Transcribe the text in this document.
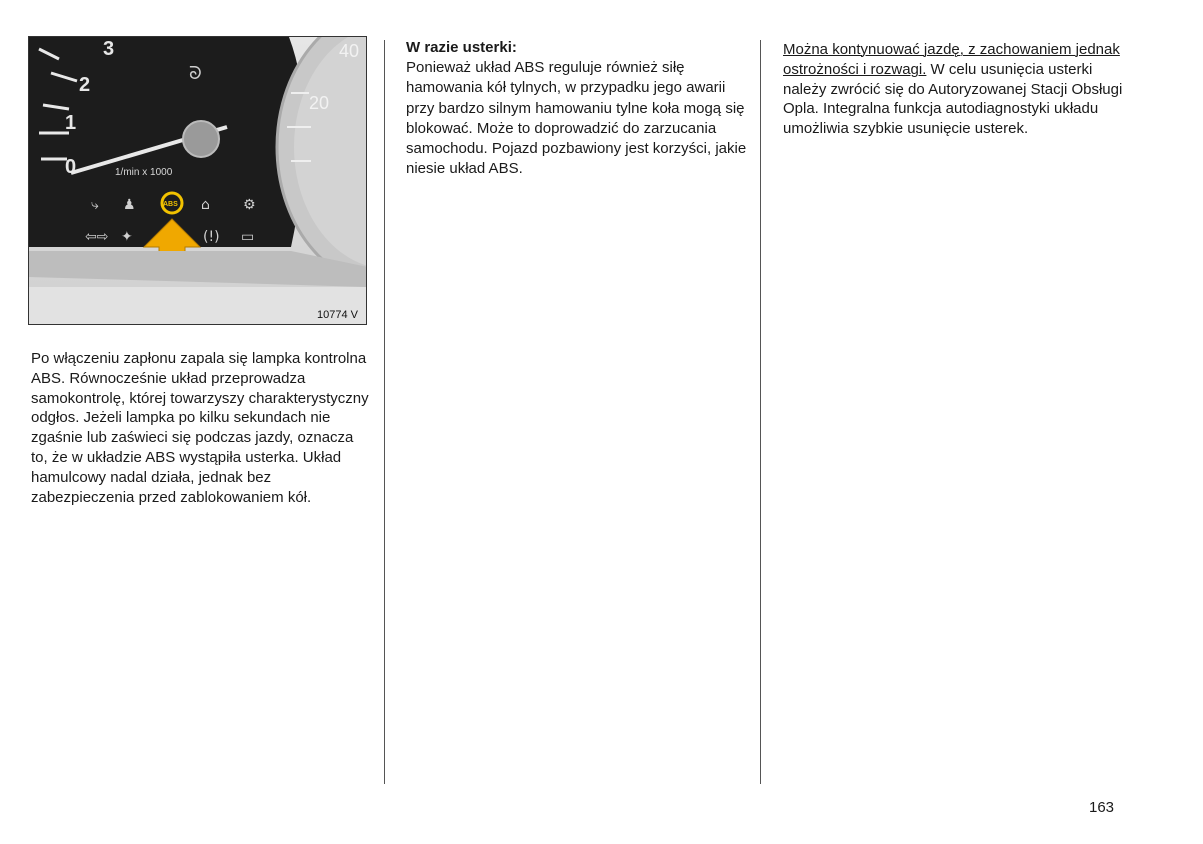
3
2
1
0
40
20
ᘐ
1/min x 1000
⤷ ♟	⌂ ⚙
⇦⇨ ✦	(!) ▭
ABS
10774 V

Po włączeniu zapłonu zapala się lampka kontrolna ABS. Równocześnie układ przeprowadza samokontrolę, której towarzyszy charakterystyczny odgłos. Jeżeli lampka po kilku sekundach nie zgaśnie lub zaświeci się podczas jazdy, oznacza to, że w układzie ABS wystąpiła usterka. Układ hamulcowy nadal działa, jednak bez zabezpieczenia przed zablokowaniem kół.

W razie usterki:
Ponieważ układ ABS reguluje również siłę hamowania kół tylnych, w przypadku jego awarii przy bardzo silnym hamowaniu tylne koła mogą się blokować. Może to doprowadzić do zarzucania samochodu. Pojazd pozbawiony jest korzyści, jakie niesie układ ABS.

Można kontynuować jazdę, z zachowaniem jednak ostrożności i rozwagi. W celu usunięcia usterki należy zwrócić się do Autoryzowanej Stacji Obsługi Opla. Integralna funkcja autodiagnostyki układu umożliwia szybkie usunięcie usterek.

163
